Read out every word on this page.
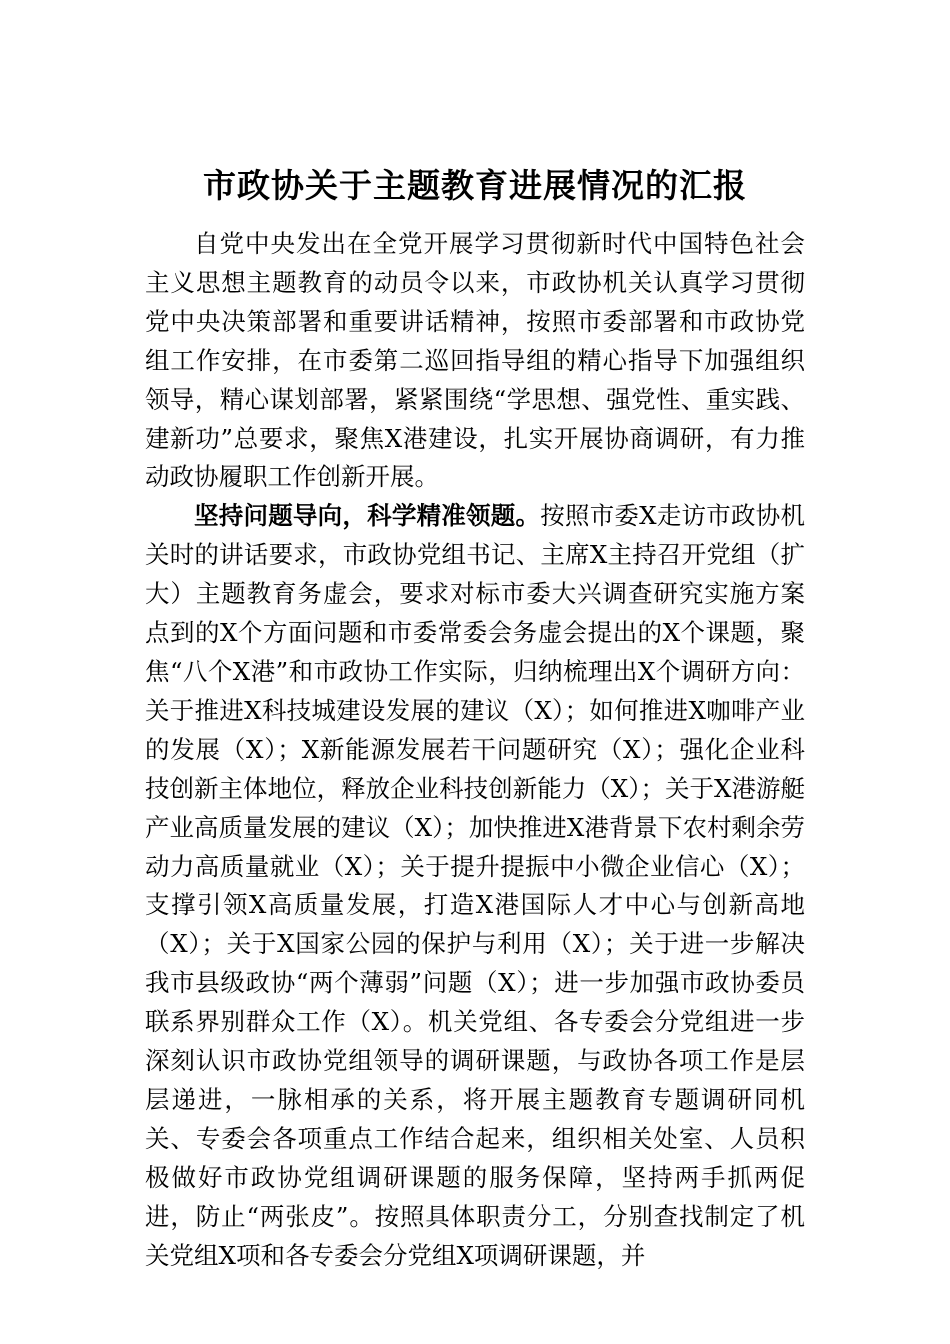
市政协关于主题教育进展情况的汇报

自党中央发出在全党开展学习贯彻新时代中国特色社会主义思想主题教育的动员令以来，市政协机关认真学习贯彻党中央决策部署和重要讲话精神，按照市委部署和市政协党组工作安排，在市委第二巡回指导组的精心指导下加强组织领导，精心谋划部署，紧紧围绕“学思想、强党性、重实践、建新功”总要求，聚焦X港建设，扎实开展协商调研，有力推动政协履职工作创新开展。

坚持问题导向，科学精准领题。按照市委X走访市政协机关时的讲话要求，市政协党组书记、主席X主持召开党组（扩大）主题教育务虚会，要求对标市委大兴调查研究实施方案点到的X个方面问题和市委常委会务虚会提出的X个课题，聚焦“八个X港”和市政协工作实际，归纳梳理出X个调研方向：关于推进X科技城建设发展的建议（X）；如何推进X咖啡产业的发展（X）；X新能源发展若干问题研究（X）；强化企业科技创新主体地位，释放企业科技创新能力（X）；关于X港游艇产业高质量发展的建议（X）；加快推进X港背景下农村剩余劳动力高质量就业（X）；关于提升提振中小微企业信心（X）；支撑引领X高质量发展，打造X港国际人才中心与创新高地（X）；关于X国家公园的保护与利用（X）；关于进一步解决我市县级政协“两个薄弱”问题（X）；进一步加强市政协委员联系界别群众工作（X）。机关党组、各专委会分党组进一步深刻认识市政协党组领导的调研课题，与政协各项工作是层层递进，一脉相承的关系，将开展主题教育专题调研同机关、专委会各项重点工作结合起来，组织相关处室、人员积极做好市政协党组调研课题的服务保障，坚持两手抓两促进，防止“两张皮”。按照具体职责分工，分别查找制定了机关党组X项和各专委会分党组X项调研课题，并
